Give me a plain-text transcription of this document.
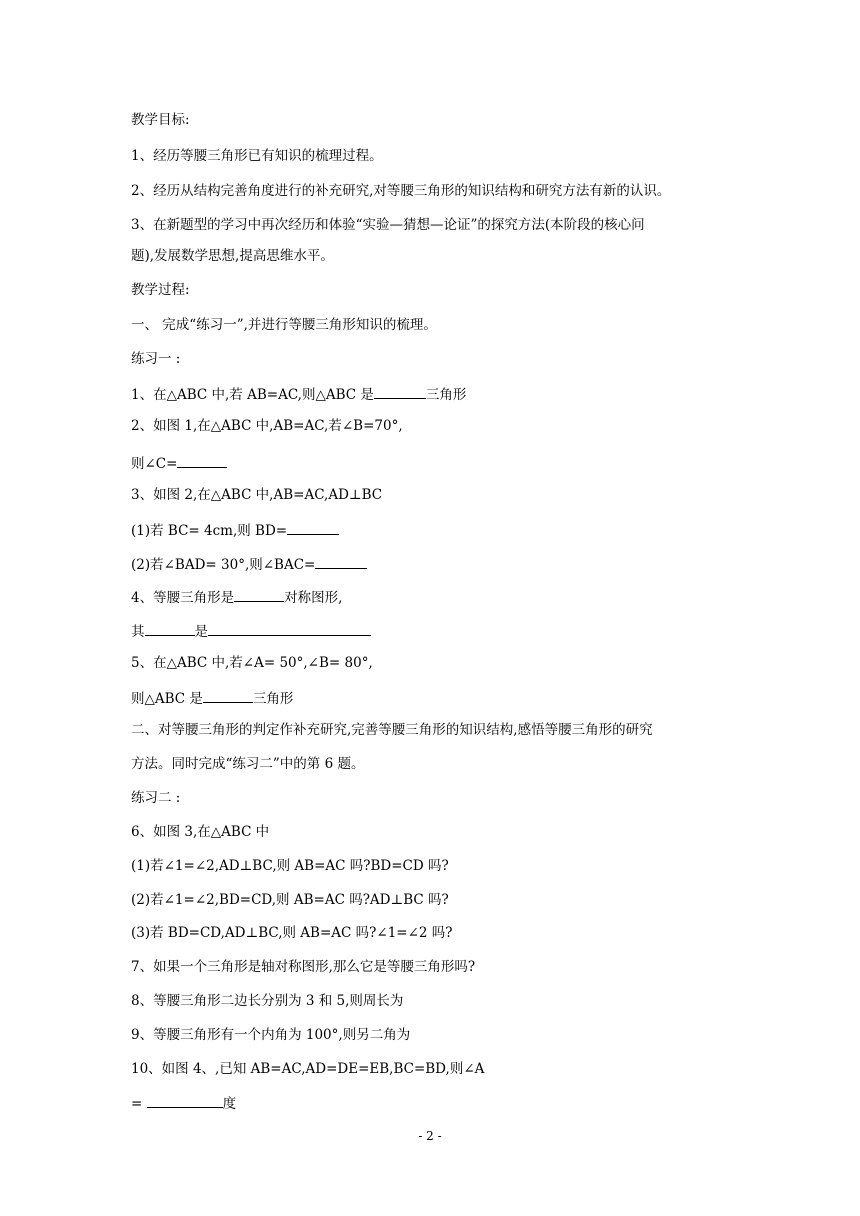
教学目标:
1、经历等腰三角形已有知识的梳理过程。
2、经历从结构完善角度进行的补充研究,对等腰三角形的知识结构和研究方法有新的认识。
3、在新题型的学习中再次经历和体验“实验—猜想—论证”的探究方法(本阶段的核心问
题),发展数学思想,提高思维水平。
教学过程:
一、 完成“练习一”,并进行等腰三角形知识的梳理。
练习一 :
1、在△ABC 中,若 AB=AC,则△ABC 是	三角形
2、如图 1,在△ABC 中,AB=AC,若∠B=70°,
则∠C=
3、如图 2,在△ABC 中,AB=AC,AD⊥BC
(1)若 BC= 4cm,则 BD=
(2)若∠BAD= 30°,则∠BAC=
4、等腰三角形是	对称图形,
其	是
5、在△ABC 中,若∠A= 50°,∠B= 80°,
则△ABC 是	三角形
二、对等腰三角形的判定作补充研究,完善等腰三角形的知识结构,感悟等腰三角形的研究
方法。同时完成“练习二”中的第 6 题。
练习二 :
6、如图 3,在△ABC 中
(1)若∠1=∠2,AD⊥BC,则 AB=AC 吗?BD=CD 吗?
(2)若∠1=∠2,BD=CD,则 AB=AC 吗?AD⊥BC 吗?
(3)若 BD=CD,AD⊥BC,则 AB=AC 吗?∠1=∠2 吗?
7、如果一个三角形是轴对称图形,那么它是等腰三角形吗?
8、等腰三角形二边长分别为 3 和 5,则周长为
9、等腰三角形有一个内角为 100°,则另二角为
10、如图 4、,已知 AB=AC,AD=DE=EB,BC=BD,则∠A
=	度
- 2 -
